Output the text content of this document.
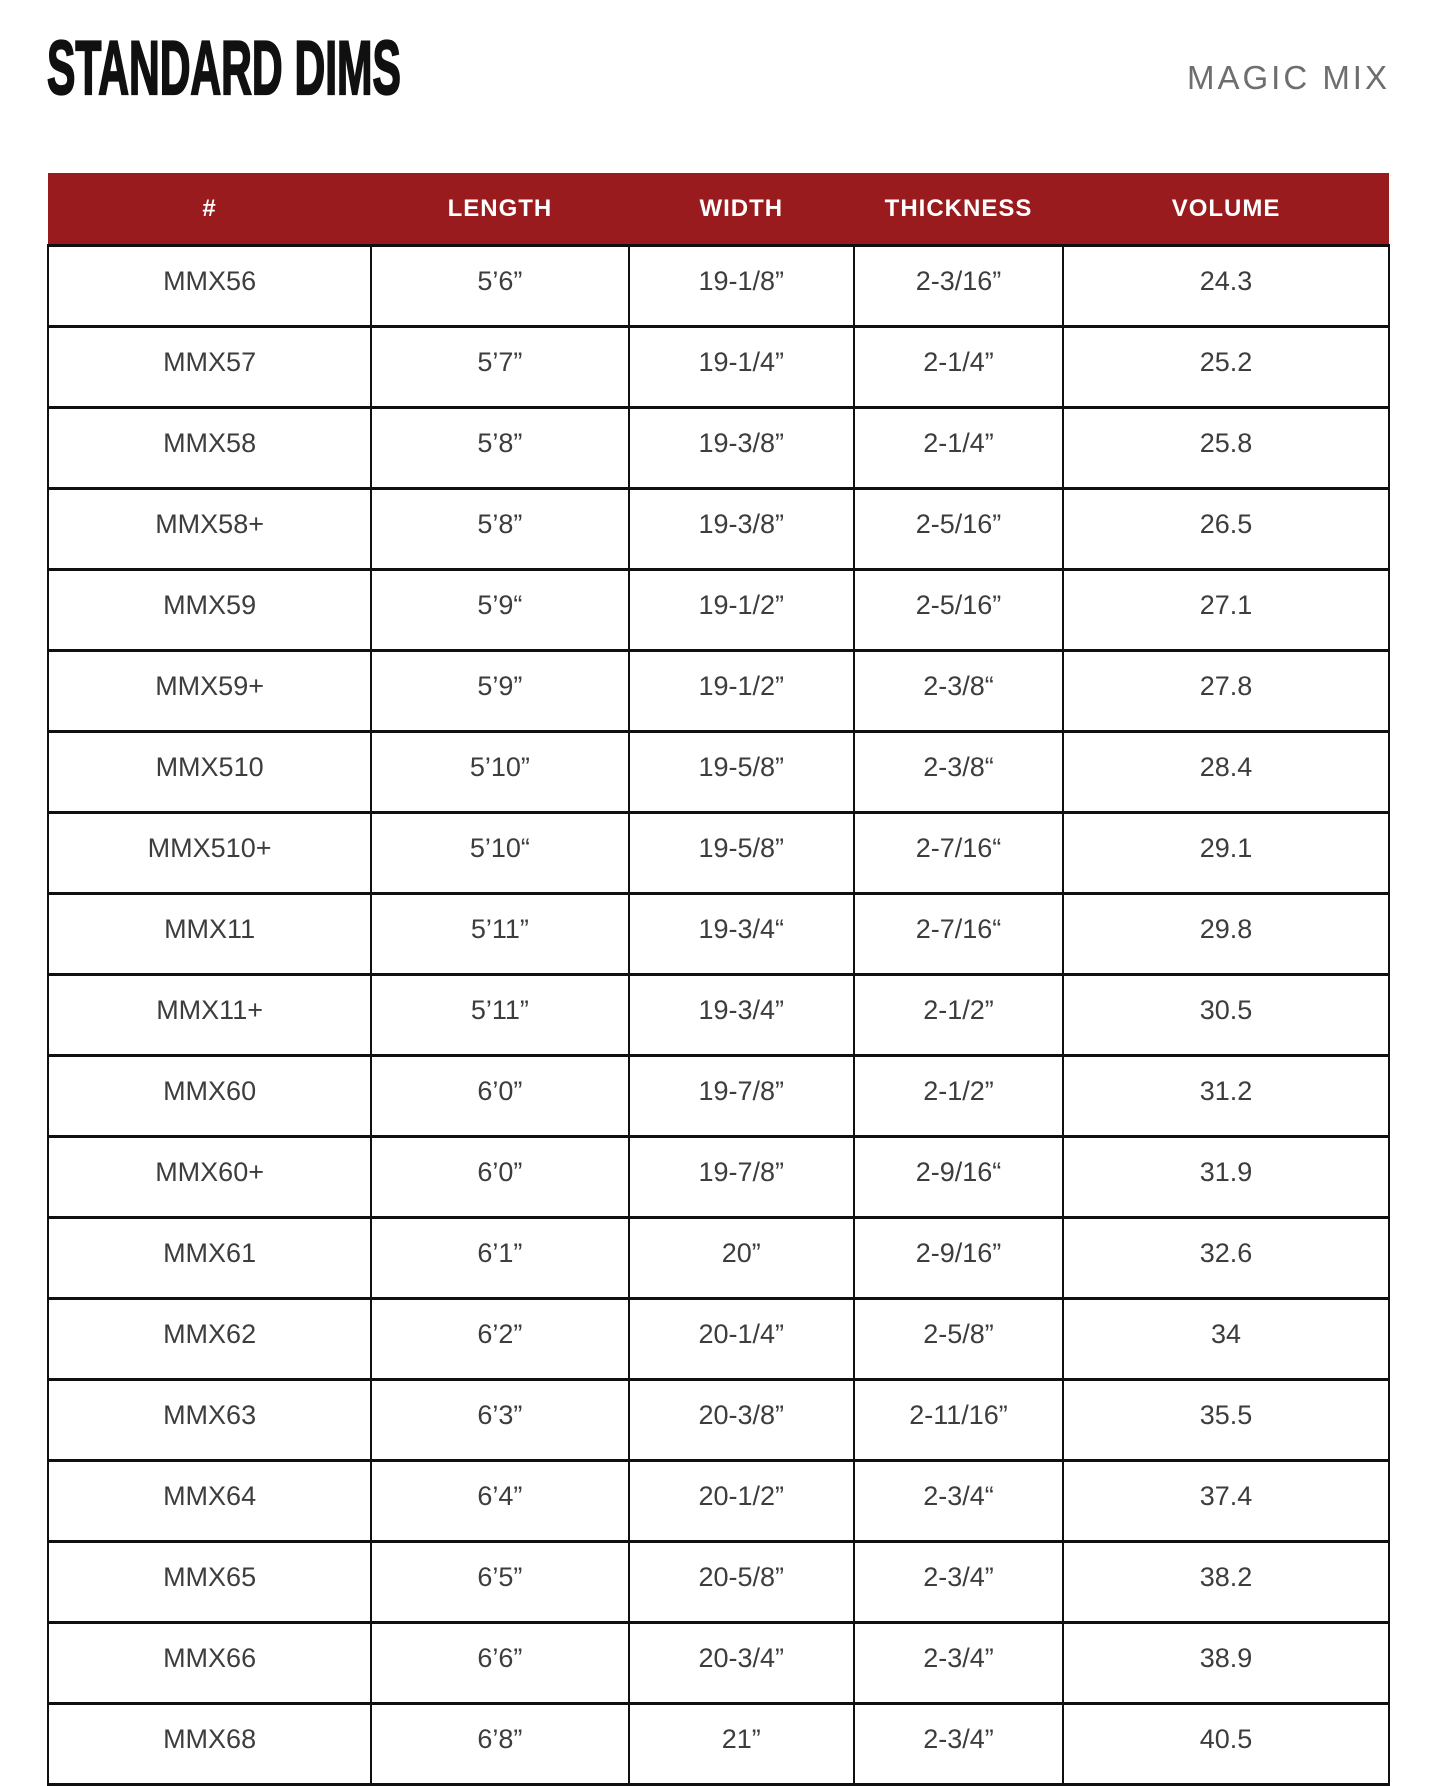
STANDARD DIMS	MAGIC MIX
#	LENGTH	WIDTH	THICKNESS	VOLUME
MMX56	5’6”	19-1/8”	2-3/16”	24.3
MMX57	5’7”	19-1/4”	2-1/4”	25.2
MMX58	5’8”	19-3/8”	2-1/4”	25.8
MMX58+	5’8”	19-3/8”	2-5/16”	26.5
MMX59	5’9“	19-1/2”	2-5/16”	27.1
MMX59+	5’9”	19-1/2”	2-3/8“	27.8
MMX510	5’10”	19-5/8”	2-3/8“	28.4
MMX510+	5’10“	19-5/8”	2-7/16“	29.1
MMX11	5’11”	19-3/4“	2-7/16“	29.8
MMX11+	5’11”	19-3/4”	2-1/2”	30.5
MMX60	6’0”	19-7/8”	2-1/2”	31.2
MMX60+	6’0”	19-7/8”	2-9/16“	31.9
MMX61	6’1”	20”	2-9/16”	32.6
MMX62	6’2”	20-1/4”	2-5/8”	34
MMX63	6’3”	20-3/8”	2-11/16”	35.5
MMX64	6’4”	20-1/2”	2-3/4“	37.4
MMX65	6’5”	20-5/8”	2-3/4”	38.2
MMX66	6’6”	20-3/4”	2-3/4”	38.9
MMX68	6’8”	21”	2-3/4”	40.5
